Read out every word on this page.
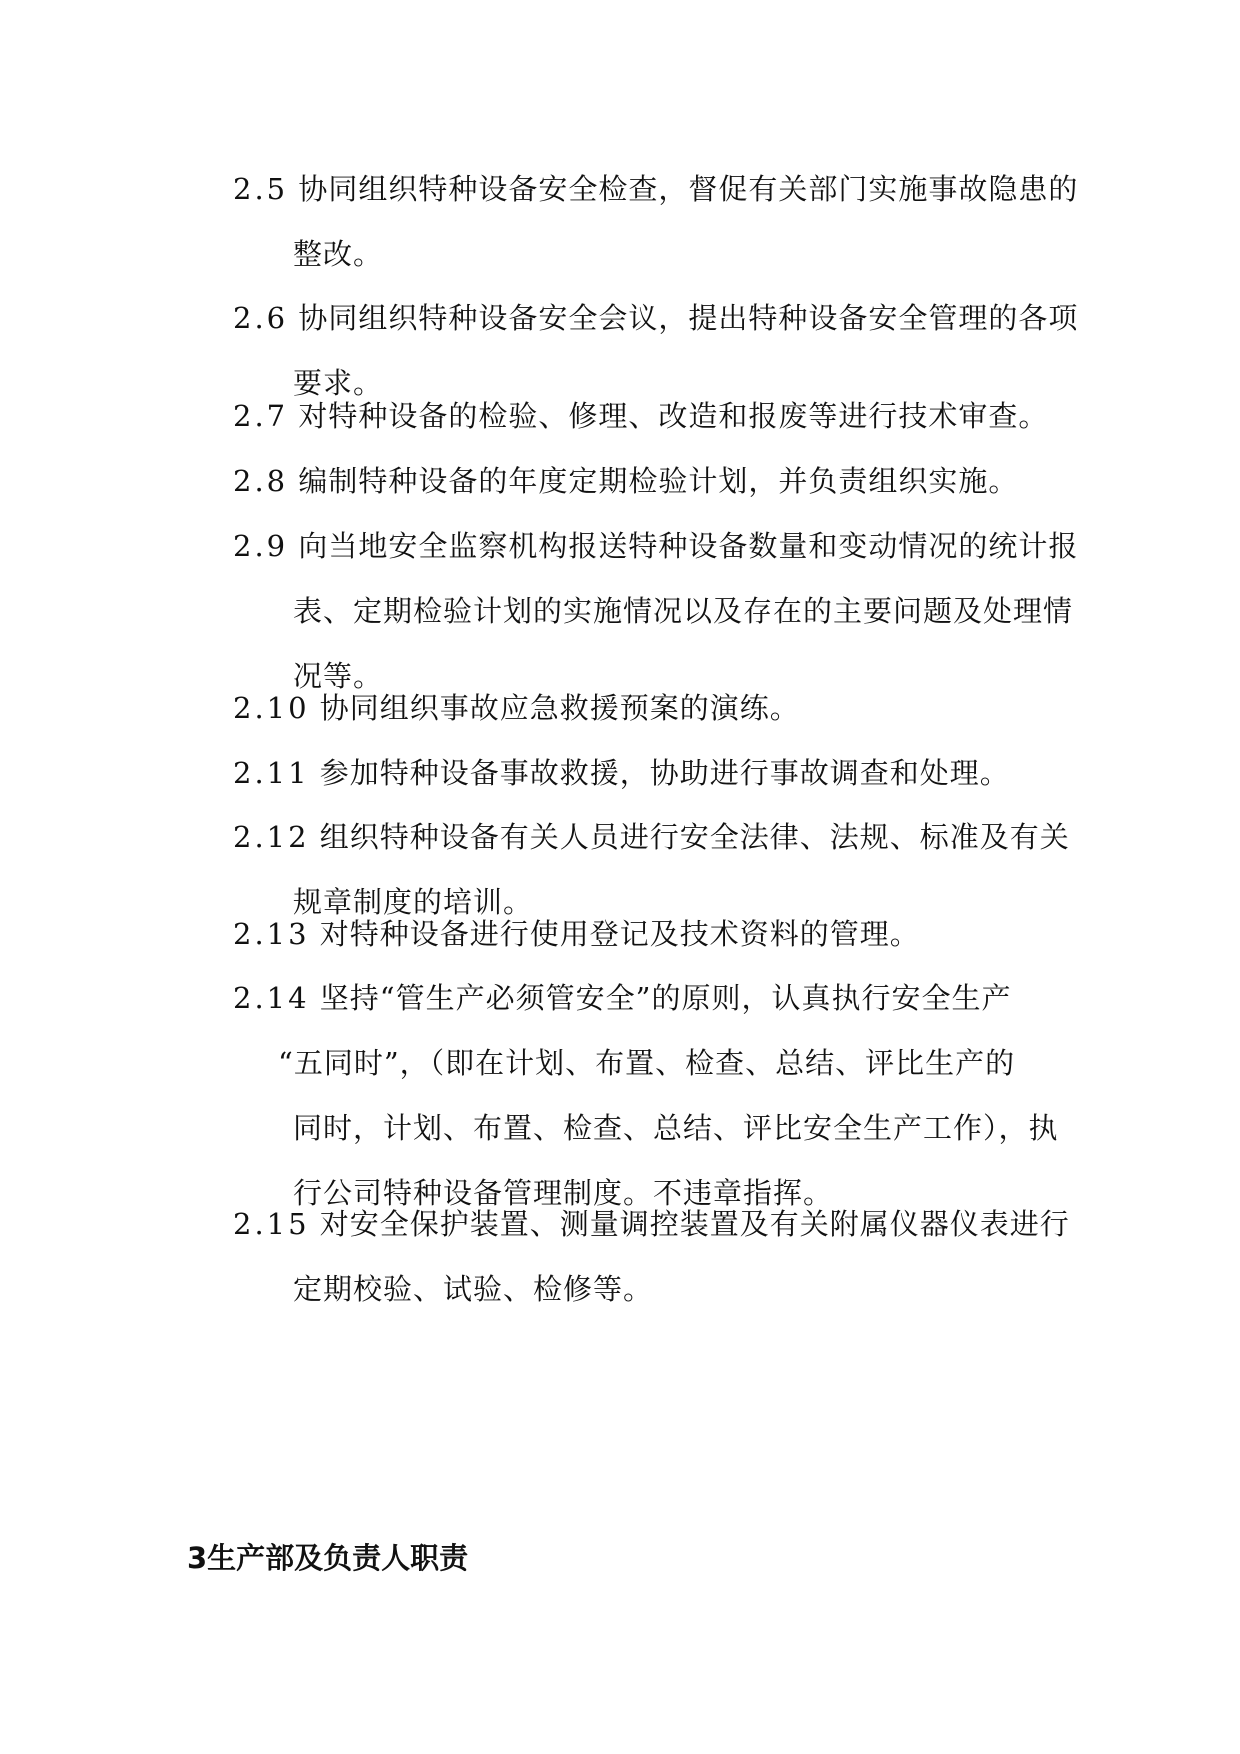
2.5 协同组织特种设备安全检查，督促有关部门实施事故隐患的
整改。
2.6 协同组织特种设备安全会议，提出特种设备安全管理的各项
要求。
2.7 对特种设备的检验、修理、改造和报废等进行技术审查。
2.8 编制特种设备的年度定期检验计划，并负责组织实施。
2.9 向当地安全监察机构报送特种设备数量和变动情况的统计报
表、定期检验计划的实施情况以及存在的主要问题及处理情
况等。
2.10 协同组织事故应急救援预案的演练。
2.11 参加特种设备事故救援，协助进行事故调查和处理。
2.12 组织特种设备有关人员进行安全法律、法规、标准及有关
规章制度的培训。
2.13 对特种设备进行使用登记及技术资料的管理。
2.14 坚持“管生产必须管安全”的原则，认真执行安全生产
“五同时”，（即在计划、布置、检查、总结、评比生产的
同时，计划、布置、检查、总结、评比安全生产工作），执
行公司特种设备管理制度。不违章指挥。
2.15 对安全保护装置、测量调控装置及有关附属仪器仪表进行
定期校验、试验、检修等。
3生产部及负责人职责
